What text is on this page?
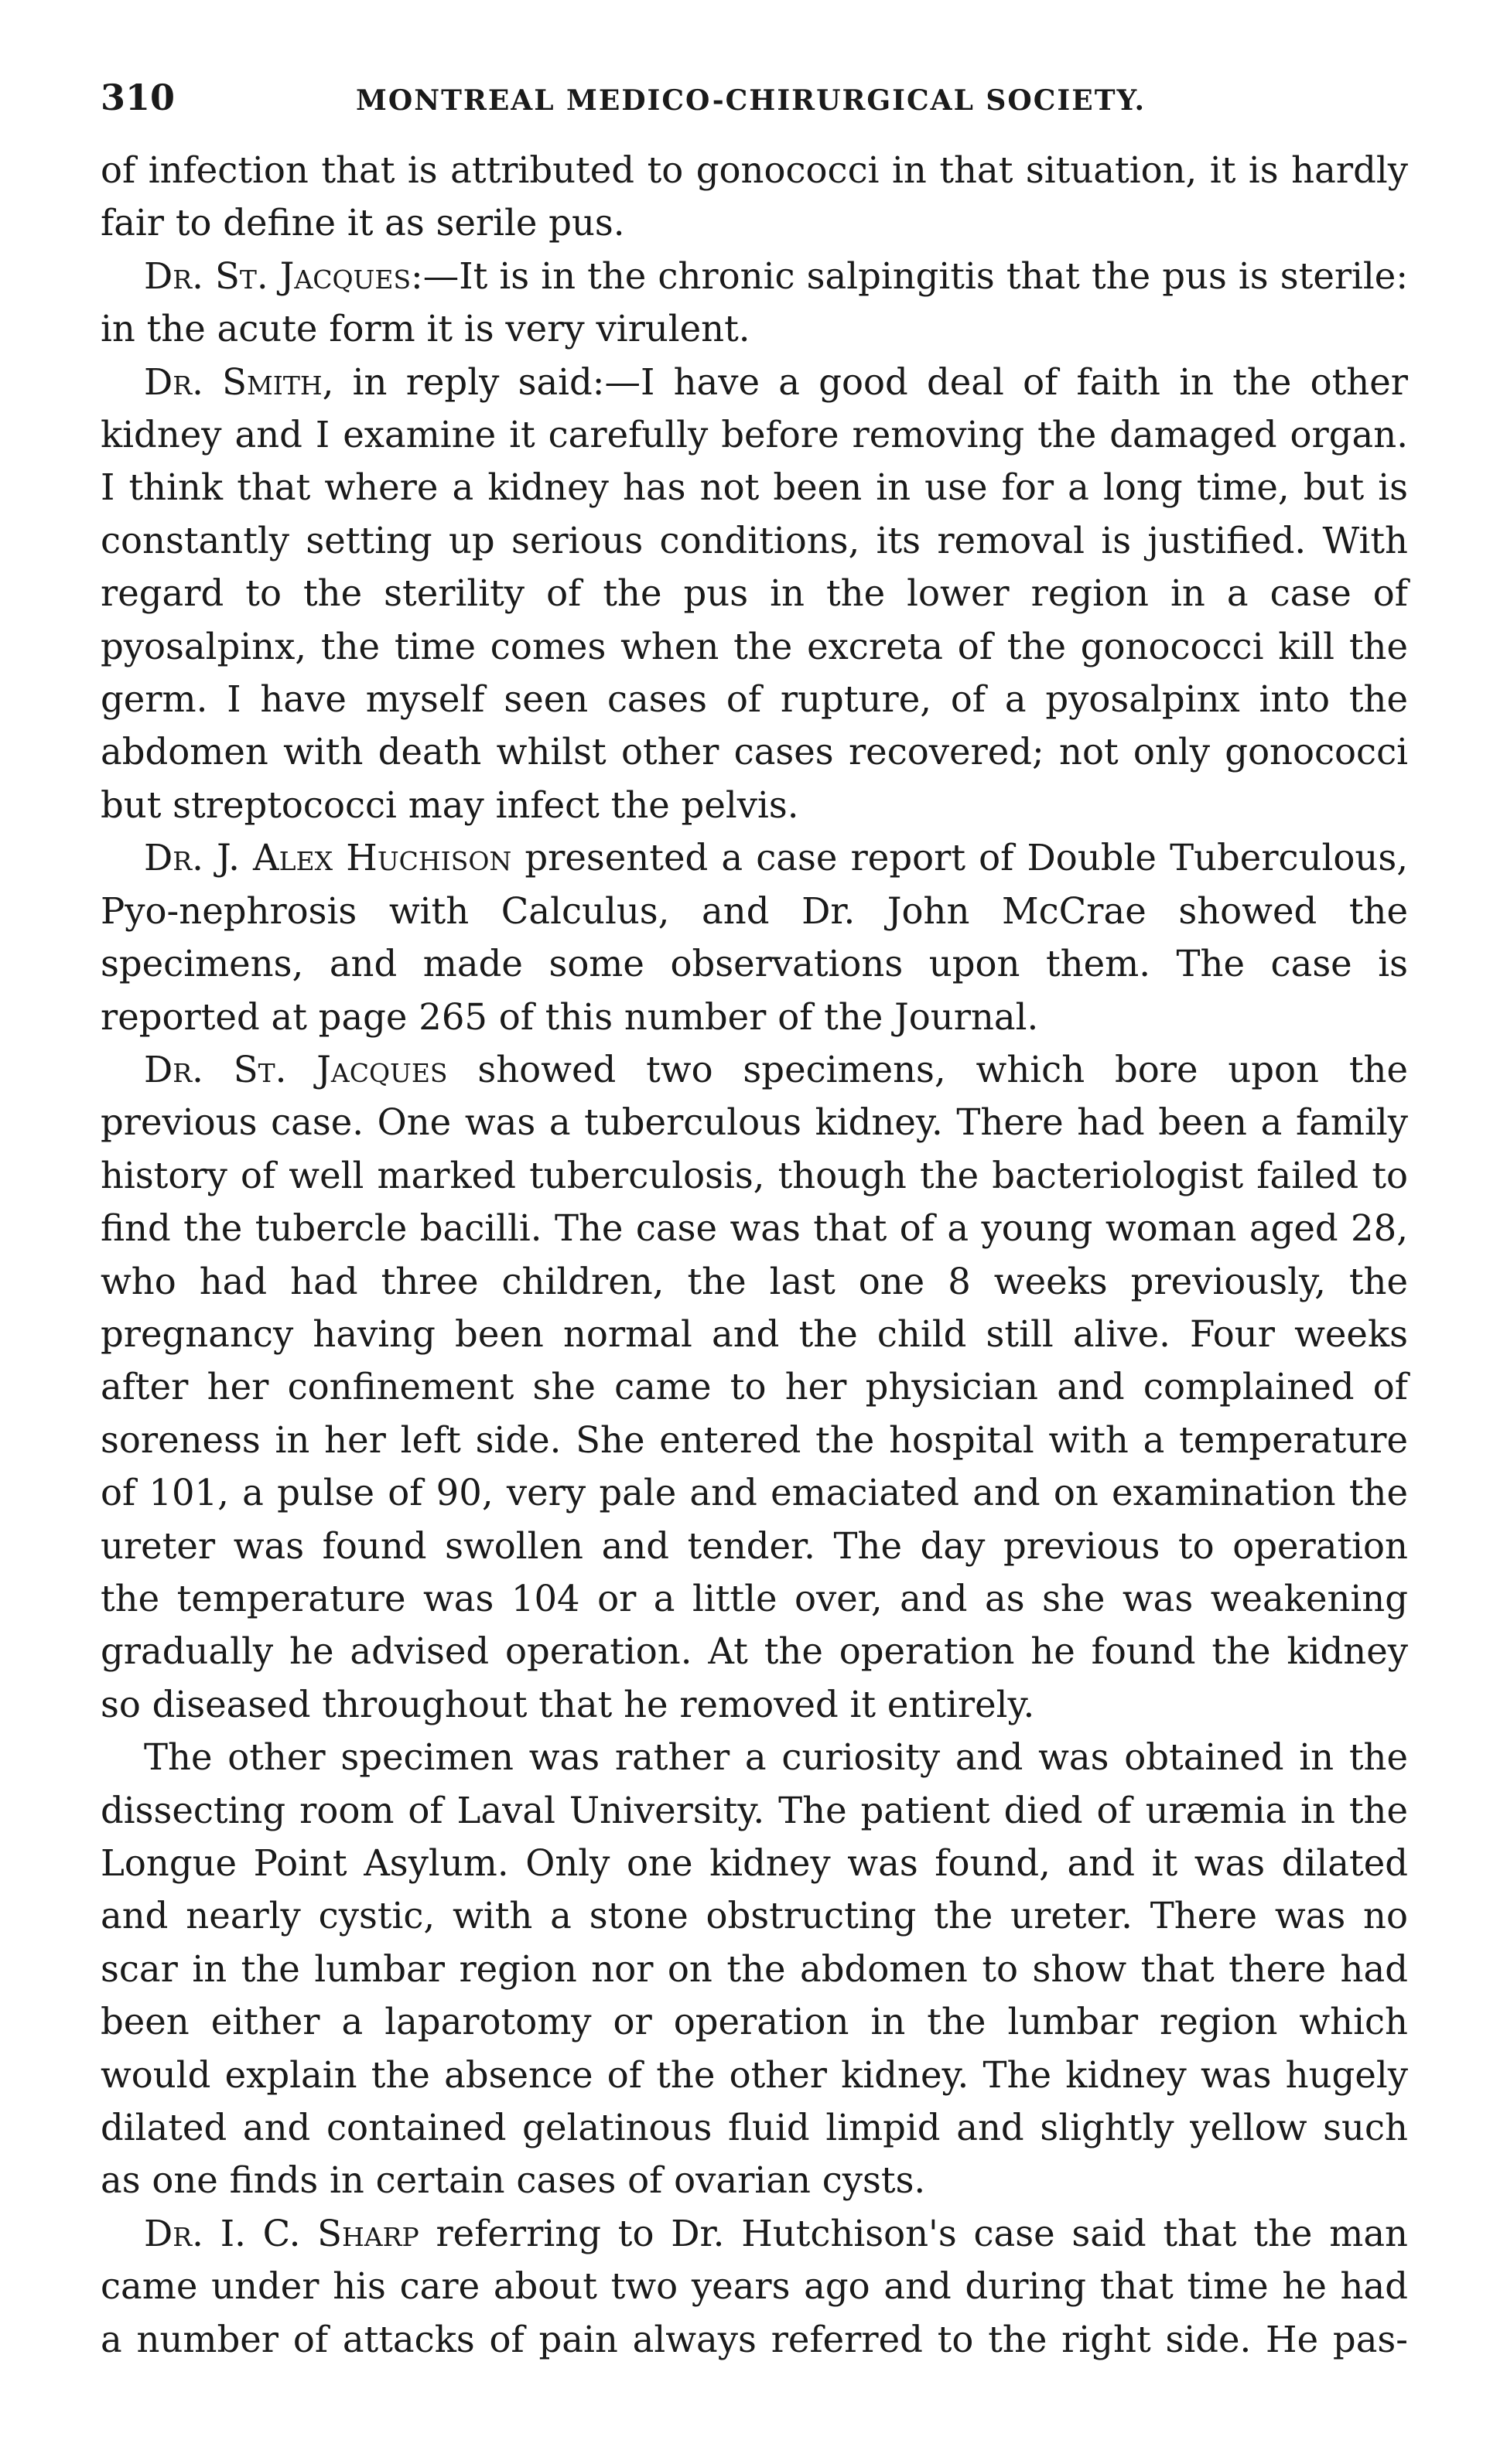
310	MONTREAL MEDICO-CHIRURGICAL SOCIETY.

of infection that is attributed to gonococci in that situation, it is hardly fair to define it as serile pus.

Dr. St. Jacques:—It is in the chronic salpingitis that the pus is sterile: in the acute form it is very virulent.

Dr. Smith, in reply said:—I have a good deal of faith in the other kidney and I examine it carefully before removing the damaged organ. I think that where a kidney has not been in use for a long time, but is constantly setting up serious conditions, its removal is justified. With regard to the sterility of the pus in the lower region in a case of pyosalpinx, the time comes when the excreta of the gonococci kill the germ. I have myself seen cases of rupture, of a pyosalpinx into the abdomen with death whilst other cases recovered; not only gonococci but streptococci may infect the pelvis.

Dr. J. Alex Huchison presented a case report of Double Tuberculous, Pyo-nephrosis with Calculus, and Dr. John McCrae showed the specimens, and made some observations upon them. The case is reported at page 265 of this number of the Journal.

Dr. St. Jacques showed two specimens, which bore upon the previous case. One was a tuberculous kidney. There had been a family history of well marked tuberculosis, though the bacteriologist failed to find the tubercle bacilli. The case was that of a young woman aged 28, who had had three children, the last one 8 weeks previously, the pregnancy having been normal and the child still alive. Four weeks after her confinement she came to her physician and complained of soreness in her left side. She entered the hospital with a temperature of 101, a pulse of 90, very pale and emaciated and on examination the ureter was found swollen and tender. The day previous to operation the temperature was 104 or a little over, and as she was weakening gradually he advised operation. At the operation he found the kidney so diseased throughout that he removed it entirely.

The other specimen was rather a curiosity and was obtained in the dissecting room of Laval University. The patient died of uræmia in the Longue Point Asylum. Only one kidney was found, and it was dilated and nearly cystic, with a stone obstructing the ureter. There was no scar in the lumbar region nor on the abdomen to show that there had been either a laparotomy or operation in the lumbar region which would explain the absence of the other kidney. The kidney was hugely dilated and contained gelatinous fluid limpid and slightly yellow such as one finds in certain cases of ovarian cysts.

Dr. I. C. Sharp referring to Dr. Hutchison's case said that the man came under his care about two years ago and during that time he had a number of attacks of pain always referred to the right side. He pas-
